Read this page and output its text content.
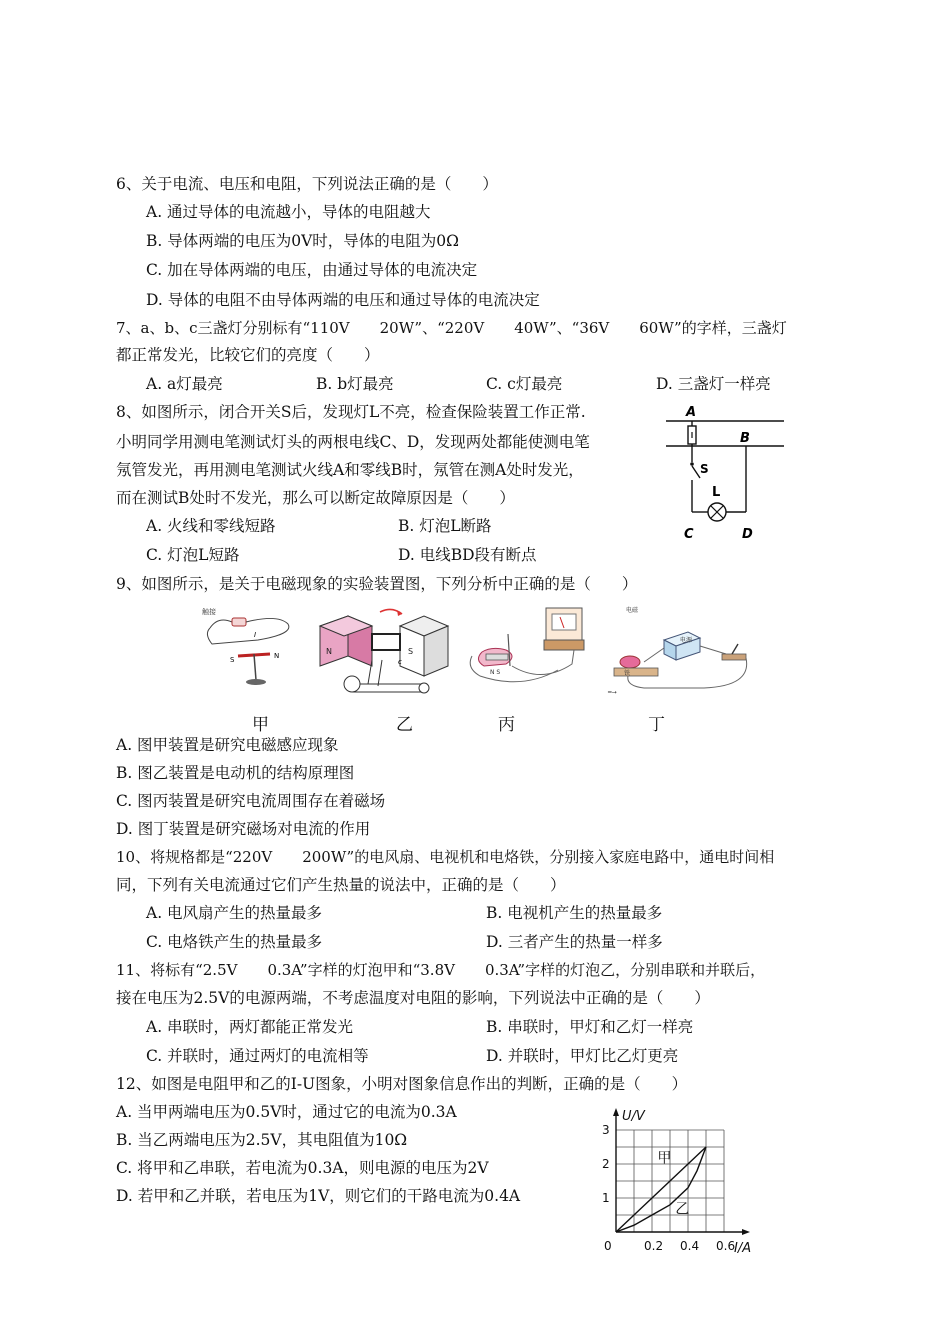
6、关于电流、电压和电阻，下列说法正确的是（　　）
A. 通过导体的电流越小，导体的电阻越大
B. 导体两端的电压为0V时，导体的电阻为0Ω
C. 加在导体两端的电压，由通过导体的电流决定
D. 导体的电阻不由导体两端的电压和通过导体的电流决定
7、a、b、c三盏灯分别标有“110V　　20W”、“220V　　40W”、“36V　　60W”的字样，三盏灯
都正常发光，比较它们的亮度（　　）
A. a灯最亮	B. b灯最亮	C. c灯最亮	D. 三盏灯一样亮
8、如图所示，闭合开关S后，发现灯L不亮，检查保险装置工作正常.
小明同学用测电笔测试灯头的两根电线C、D，发现两处都能使测电笔
氖管发光，再用测电笔测试火线A和零线B时，氖管在测A处时发光，
而在测试B处时不发光，那么可以断定故障原因是（　　）
A. 火线和零线短路	B. 灯泡L断路
C. 灯泡L短路	D. 电线BD段有断点
A
S
L
B
C	D
9、如图所示，是关于电磁现象的实验装置图，下列分析中正确的是（　　）
触接
I
S	N	N	S
c
N S
电磁
电源
铁
━→
甲	乙	丙	丁
A. 图甲装置是研究电磁感应现象
B. 图乙装置是电动机的结构原理图
C. 图丙装置是研究电流周围存在着磁场
D. 图丁装置是研究磁场对电流的作用
10、将规格都是“220V　　200W”的电风扇、电视机和电烙铁，分别接入家庭电路中，通电时间相
同，下列有关电流通过它们产生热量的说法中，正确的是（　　）
A. 电风扇产生的热量最多	B. 电视机产生的热量最多
C. 电烙铁产生的热量最多	D. 三者产生的热量一样多
11、将标有“2.5V　　0.3A”字样的灯泡甲和“3.8V　　0.3A”字样的灯泡乙，分别串联和并联后，
接在电压为2.5V的电源两端，不考虑温度对电阻的影响，下列说法中正确的是（　　）
A. 串联时，两灯都能正常发光	B. 串联时，甲灯和乙灯一样亮
C. 并联时，通过两灯的电流相等	D. 并联时，甲灯比乙灯更亮
12、如图是电阻甲和乙的I-U图象，小明对图象信息作出的判断，正确的是（　　）
A. 当甲两端电压为0.5V时，通过它的电流为0.3A
B. 当乙两端电压为2.5V，其电阻值为10Ω
C. 将甲和乙串联，若电流为0.3A，则电源的电压为2V
D. 若甲和乙并联，若电压为1V，则它们的干路电流为0.4A
甲
乙
0	0.2 0.4 0.6
1
2
3
I/A
U/V
